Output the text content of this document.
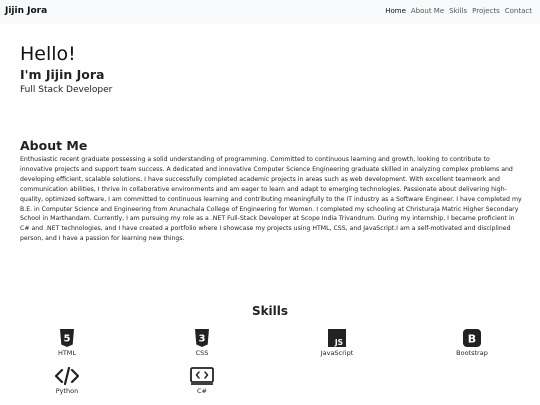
Jijin Jora	Home About Me Skills Projects Contact
Hello!
I'm Jijin Jora

Full Stack Developer

About Me

Enthusiastic recent graduate possessing a solid understanding of programming. Committed to continuous learning and growth, looking to contribute to innovative projects and support team success. A dedicated and innovative Computer Science Engineering graduate skilled in analyzing complex problems and developing efficient, scalable solutions. I have successfully completed academic projects in areas such as web development. With excellent teamwork and communication abilities, I thrive in collaborative environments and am eager to learn and adapt to emerging technologies. Passionate about delivering high-quality, optimized software, I am committed to continuous learning and contributing meaningfully to the IT industry as a Software Engineer. I have completed my B.E. in Computer Science and Engineering from Arunachala College of Engineering for Women. I completed my schooling at Christuraja Matric Higher Secondary School in Marthandam. Currently, I am pursuing my role as a .NET Full-Stack Developer at Scope India Trivandrum. During my internship, I became proficient in C# and .NET technologies, and I have created a portfolio where I showcase my projects using HTML, CSS, and JavaScript.I am a self-motivated and disciplined person, and I have a passion for learning new things.

Skills
5
HTML
3
CSS
JS
JavaScript
B
Bootstrap
Python	C#
